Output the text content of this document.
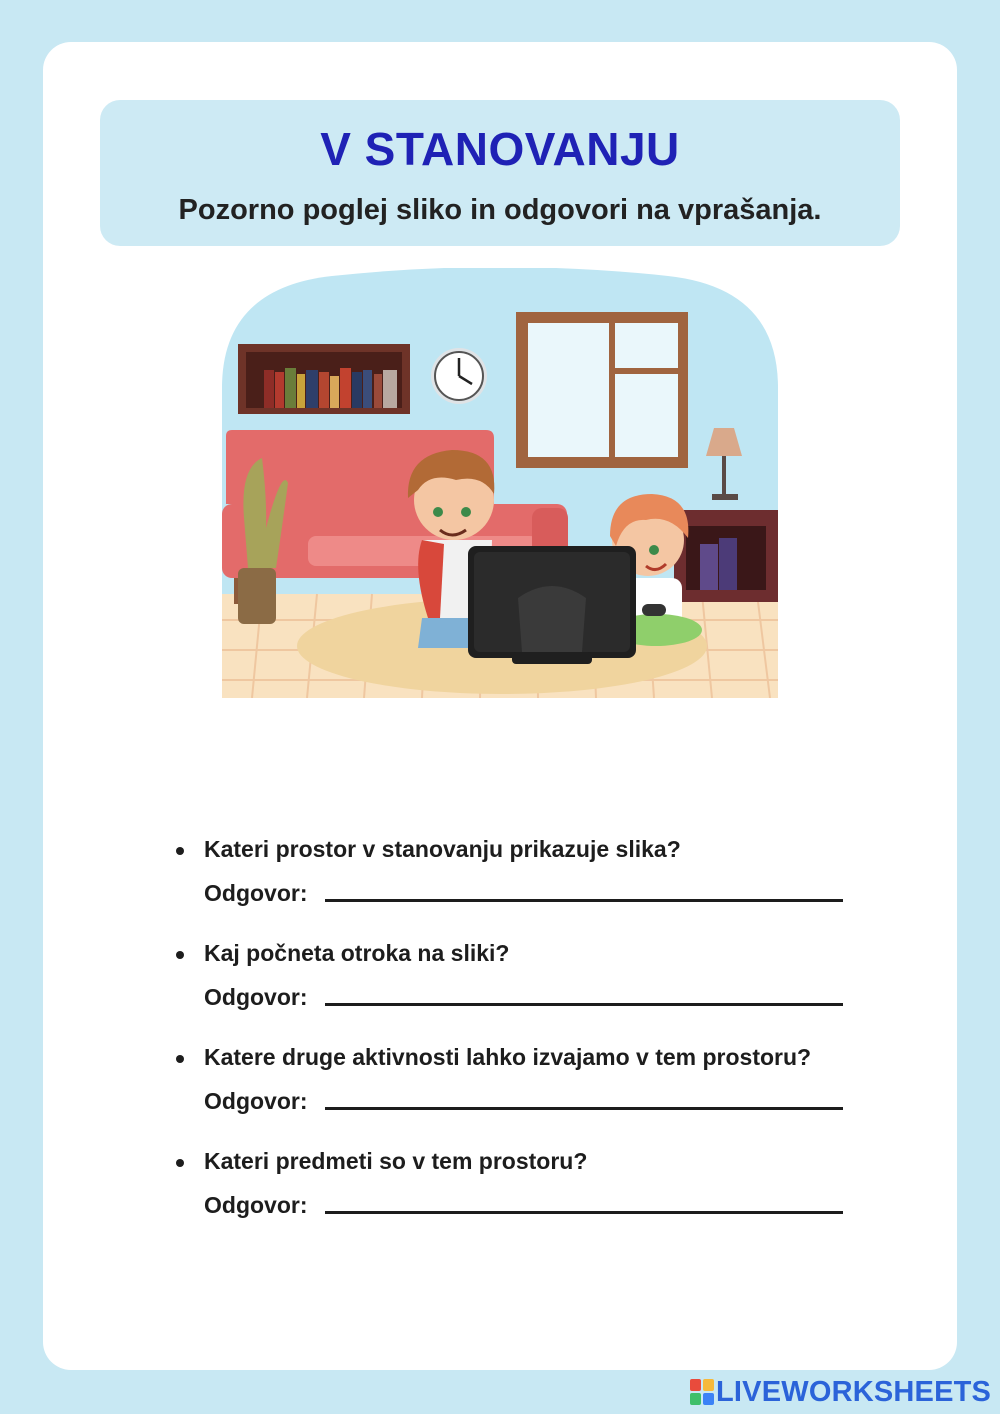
V STANOVANJU
Pozorno poglej sliko in odgovori na vprašanja.
Kateri prostor v stanovanju prikazuje slika?
Odgovor:
Kaj počneta otroka na sliki?
Odgovor:
Katere druge aktivnosti lahko izvajamo v tem prostoru?
Odgovor:
Kateri predmeti so v tem prostoru?
Odgovor:
LIVEWORKSHEETS
